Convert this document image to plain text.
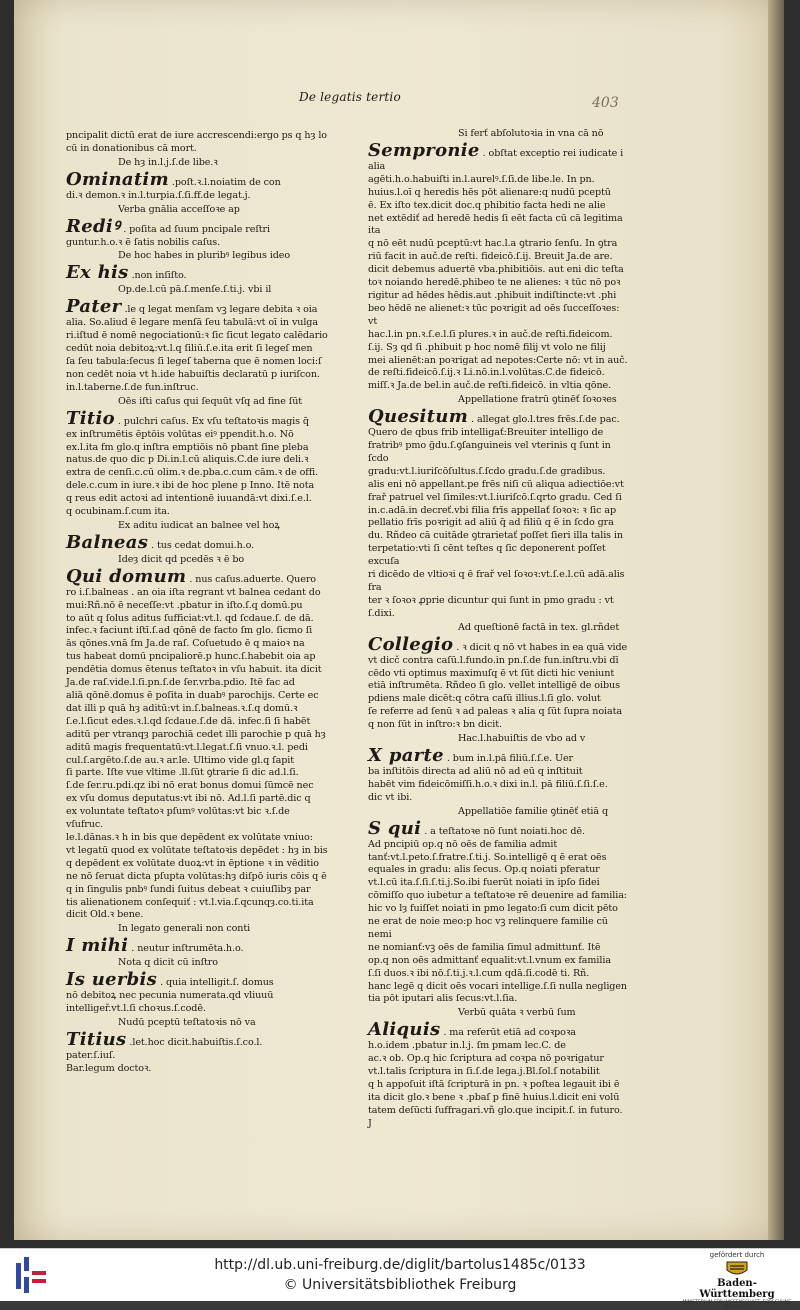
De legatis tertio	403
pncipalit dictū erat de iure accrescendi:ergo ps q hȝ lo
cū in donationibus cā mort.
De hȝ in.l.j.ſ.de libe.ꝛ
Ominatim .poſt.ꝛ.l.noiatim de con
di.ꝛ demon.ꝛ in.l.turpia.ſ.ſi.ff.de legat.j.
Verba gnālia acceſſoꝛe ap
Rediꝰ . poſita ad ſuum pncipale reſtri
guntur.h.o.ꝛ ē ſatis nobilis caſus.
De hoc habes in pluribꝰ legibus ideo
Ex his .non inſiſto.
Op.de.l.cū pā.ſ.menſe.ſ.ti.j. vbi il
Pater .le q legat menſam vꝫ legare debita ꝛ oia
alia. So.aliud ē legare menſā ſeu tabulā:vt oī in vulga
ri.iſtud ē nomē negociationū:ꝛ ſic ſicut legato calēdario
cedūt noia debitoꝝ:vt.l.q ſiliū.ſ.e.ita erit ſi legeſ men
ſa ſeu tabula:ſecus ſi legeſ taberna que ē nomen loci:ſ
non cedēt noia vt h.ide habuiſtis declaratū p iuriſcon.
in.l.taberne.ſ.de fun.inſtruc.
Oēs iſti caſus qui ſequūt vſq ad fine ſūt
Titio . pulchri caſus. Ex vſu teſtatoꝛis magis q̄
ex inſtrumētis ēptōis volūtas eiꝰ ppendit.h.o. Nō
ex.l.ita fm glo.q inſtra emptiōis nō pbant ſine pleba
natus.de quo dic p Di.in.l.cū aliquis.C.de iure deli.ꝛ
extra de cenſi.c.cū olim.ꝛ de.pba.c.cum cām.ꝛ de offi.
dele.c.cum in iure.ꝛ ibi de hoc plene p Inno. Itē nota
q reus edit actoꝛi ad intentionē iuuandā:vt dixi.ſ.e.l.
q ocubinam.ſ.cum ita.
Ex aditu iudicat an balnee vel hoꝝ
Balneas . tus cedat domui.h.o.
Ideȝ dicit qd pcedēs ꝛ ē bo
Qui domum . nus caſus.aduerte. Quero
ro i.ſ.balneas . an oia iſta regrant vt balnea cedant do
mui:Rñ.nō ē neceſſe:vt .pbatur in iſto.ſ.q domū.pu
to aūt q ſolus aditus ſufficiat:vt.l. qd ſcdaue.ſ. de dā.
infec.ꝛ faciunt iſtī.ſ.ad qōnē de facto ſm glo. ſicmo ſi
ās qōnes.vnā ſm Ja.de raſ. Coſuetudo ē q maioꝛ na
tus habeat domū pncipaliorē.p hunc.ſ.habebit oia ap
pendētia domus ētenus teſtatoꝛ in vſu habuit. ita dicit
Ja.de raſ.vide.l.ſi.pn.ſ.de ſer.vrba.pdio. Itē fac ad
aliā qōnē.domus ē poſita in duabꝰ parochijs. Certe ec
dat illi p quā hȝ aditū:vt in.ſ.balneas.ꝛ.ſ.q domū.ꝛ
ſ.e.l.ſicut edes.ꝛ.l.qd ſcdaue.ſ.de dā. infec.ſi ſi habēt
aditū per vtranqȝ parochiā cedet illi parochie p quā hȝ
aditū magis frequentatū:vt.l.legat.ſ.ſi vnuo.ꝛ.l. pedi
cul.ſ.argēto.ſ.de au.ꝛ ar.le. Ultimo vide gl.q ſapit
ſi parte. Iſte vue vltime .ll.ſūt ꝯtrarie ſi dic ad.l.ſi.
ſ.de ſer.ru.pdi.qz ibi nō erat bonus domui ſūmcē nec
ex vſu domus deputatus:vt ibi nō. Ad.l.ſi partē.dic q
ex voluntate teſtatoꝛ pſumꝰ volūtas:vt bic ꝛ.ſ.de vſufruc.
le.l.dānas.ꝛ h in bis que depēdent ex volūtate vniuo:
vt legatū quod ex volūtate teſtatoꝛis depēdet : hȝ in bis
q depēdent ex volūtate duoꝝ:vt in ēptione ꝛ in vēditio
ne nō ſeruat dicta pſupta volūtas:hȝ diſpō iuris cōis q ē
q in ſingulis pnbꝰ ſundi ſuitus debeat ꝛ cuiuſlibȝ par
tis alienationem conſequiť : vt.l.via.ſ.qcunqȝ.co.ti.ita
dicit Old.ꝛ bene.
In legato generali non conti
I mihi . neutur inſtrumēta.h.o.
Nota q dicit cū inſtro
Is uerbis . quia intelligit.ſ. domus
nō debitoꝝ nec pecunia numerata.qd vliuuū
intelligeř.vt.l.ſi choꝛus.ſ.codē.
Nudū pceptū teſtatoꝛis nō va
Titius .let.hoc dicit.habuiſtis.ſ.co.l.
pater.ſ.iuſ.
Bar.legum doctoꝛ.
Si ferť abſolutoꝛia in vna cā nō
Sempronie . obſtat exceptio rei iudicate i alia
agēti.h.o.habuiſti in.l.aurelꝰ.ſ.ſi.de libe.le. In pn.
huius.l.oī q heredis hēs pōt alienare:q nudū pceptū
ē. Ex iſto tex.dicit doc.q phibitio facta hedi ne alie
net extēdiť ad heredē hedis ſi eēt facta cū cā legitima ita
q nō eēt nudū pceptū:vt hac.l.a ꝯtrario ſenſu. In ꝯtra
riū facit in auč.de reſti. fideicō.ſ.ij. Breuit Ja.de are.
dicit debemus aduertē vba.phibitiōis. aut eni dic teſta
toꝛ noiando heredē.phibeo te ne alienes: ꝛ tūc nō poꝛ
rigitur ad hēdes hēdis.aut .phibuit indiſtincte:vt .phi
beo hēdē ne alienet:ꝛ tūc poꝛrigit ad oēs ſucceſſoꝛes: vt
hac.l.in pn.ꝛ.ſ.e.l.ſi plures.ꝛ in auč.de reſti.fideicom.
ſ.ij. Sȝ qd ſi .phibuit p hoc nomē filij vt volo ne filij
mei alienēt:an poꝛrigat ad nepotes:Certe nō: vt in auč.
de reſti.fideicō.ſ.ij.ꝛ Li.nō.in.l.volūtas.C.de fideicō.
miſſ.ꝛ Ja.de bel.in auč.de reſti.fideicō. in vltia qōne.
Appellatione fratrū ꝯtinēť ſoꝛoꝛes
Quesitum . allegat glo.l.tres frēs.ſ.de pac.
Quero de qbus frib intelligať:Breuiter intelligo de
fratribꝰ pmo ḡdu.ſ.ꝯſanguineis vel vterinis q ſunt in ſcdo
gradu:vt.l.iuriſcōſultus.ſ.ſcdo gradu.ſ.de gradibus.
alis eni nō appellant.pe frēs niſi cū aliqua adiectiōe:vt
frař patruel vel ſimiles:vt.l.iuriſcō.ſ.qrto gradu. Ced ſi
in.c.adā.in decreť.vbi filia frīs appellať ſoꝛoꝛ: ꝛ ſic ap
pellatio frīs poꝛrigit ad aliū q̄ ad filiū q ē in ſcdo gra
du. Rñdeo cā cuitāde ꝯtrarietať poſſet ſieri illa talis in
terpetatio:vti ſi cēnt teſtes q ſic deponerent poſſet excuſa
ri dicēdo de vltioꝛi q ē frař vel ſoꝛoꝛ:vt.ſ.e.l.cū adā.alis fra
ter ꝛ ſoꝛoꝛ ꝓprie dicuntur qui ſunt in pmo gradu : vt
ſ.dixi.
Ad queſtionē factā in tex. gl.rñdet
Collegio . ꝛ dicit q nō vt habes in ea quā vide
vt dicč contra caſū.l.fundo.in pn.ſ.de fun.inſtru.vbi dī
cēdo vti optimus maximuſq ē vt ſūt dicti hic veniunt
etiā inſtrumēta. Rñdeo ſi glo. vellet intelligē de oibus
pdiens male dicēt:q cōtra caſū illius.l.ſi glo. volut
ſe referre ad ſenū ꝛ ad paleas ꝛ alia q ſūt ſupra noiata
q non ſūt in inſtro:ꝛ bn dicit.
Hac.l.habuiſtis de vbo ad v
X parte . bum in.l.pā filiū.ſ.ſ.e. Uer
ba inſtitōis directa ad aliū nō ad eū q inſtituit
habēt vim fideicōmiſſi.h.o.ꝛ dixi in.l. pā filiū.ſ.ſi.ſ.e.
dic vt ibi.
Appellatiōe familie ꝯtinēť etiā q
S qui . a teſtatoꝛe nō ſunt noiati.hoc dē.
Ad pncipiū op.q nō oēs de familia admit
tanť:vt.l.peto.ſ.fratre.ſ.ti.j. So.intelligē q ē erat oēs
equales in gradu: alis ſecus. Op.q noiati pferatur
vt.l.cū ita.ſ.ſi.ſ.ti.j.So.ibi fuerūt noiati in ipſo ſidei
cōmiſſo quo iubetur a teſtatoꝛe rē deuenire ad familia:
hic vo lȝ fuiſſet noiati in pmo legato:ſi cum dicit pēto
ne erat de noie meo:p hoc vꝫ relinquere familie cū nemi
ne nomianť:vꝫ oēs de familia ſimul admittunť. Itē
op.q non oēs admittanť equalit:vt.l.vnum ex familia
ſ.ſi duos.ꝛ ibi nō.ſ.ti.j.ꝛ.l.cum qdā.ſi.codē ti. Rñ.
hanc legē q dicit oēs vocari intellige.ſ.ſi nulla negligen
tia pōt iputari alis ſecus:vt.l.ſia.
Verbū quāta ꝛ verbū ſum
Aliquis . ma referūt etiā ad coꝛpoꝛa
h.o.idem .pbatur in.l.j. ſm pmam lec.C. de
ac.ꝛ ob. Op.q hic ſcriptura ad coꝛpa nō poꝛrigatur
vt.l.talis ſcriptura in ſi.ſ.de lega.j.Bl.ſol.ſ notabilit
q h appoſuit iſtā ſcripturā in pn. ꝛ poſtea legauit ibi ē
ita dicit glo.ꝛ bene ꝛ .pbaſ p finē huius.l.dicit eni volū
tatem deſūcti ſuffragari.vñ glo.que incipit.ſ. in futuro.
J
http://dl.ub.uni-freiburg.de/diglit/bartolus1485c/0133
© Universitätsbibliothek Freiburg
gefördert durch
Baden-Württemberg
MINISTERIUM FÜR WISSENSCHAFT, FORSCHUNG UND KUNST
